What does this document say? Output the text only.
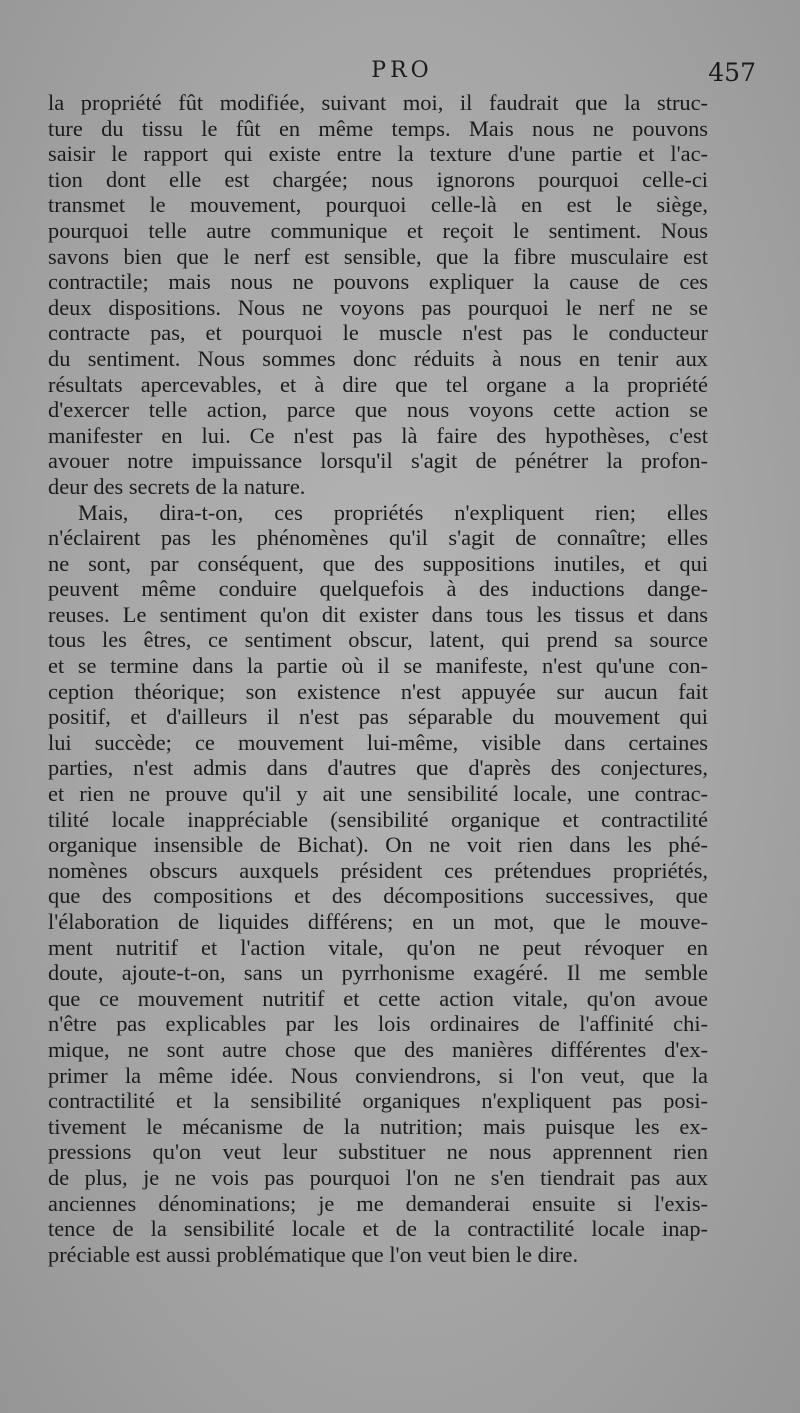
PRO	457
la propriété fût modifiée, suivant moi, il faudrait que la struc-
ture du tissu le fût en même temps. Mais nous ne pouvons
saisir le rapport qui existe entre la texture d'une partie et l'ac-
tion dont elle est chargée; nous ignorons pourquoi celle-ci
transmet le mouvement, pourquoi celle-là en est le siège,
pourquoi telle autre communique et reçoit le sentiment. Nous
savons bien que le nerf est sensible, que la fibre musculaire est
contractile; mais nous ne pouvons expliquer la cause de ces
deux dispositions. Nous ne voyons pas pourquoi le nerf ne se
contracte pas, et pourquoi le muscle n'est pas le conducteur
du sentiment. Nous sommes donc réduits à nous en tenir aux
résultats apercevables, et à dire que tel organe a la propriété
d'exercer telle action, parce que nous voyons cette action se
manifester en lui. Ce n'est pas là faire des hypothèses, c'est
avouer notre impuissance lorsqu'il s'agit de pénétrer la profon-
deur des secrets de la nature.
Mais, dira-t-on, ces propriétés n'expliquent rien; elles
n'éclairent pas les phénomènes qu'il s'agit de connaître; elles
ne sont, par conséquent, que des suppositions inutiles, et qui
peuvent même conduire quelquefois à des inductions dange-
reuses. Le sentiment qu'on dit exister dans tous les tissus et dans
tous les êtres, ce sentiment obscur, latent, qui prend sa source
et se termine dans la partie où il se manifeste, n'est qu'une con-
ception théorique; son existence n'est appuyée sur aucun fait
positif, et d'ailleurs il n'est pas séparable du mouvement qui
lui succède; ce mouvement lui-même, visible dans certaines
parties, n'est admis dans d'autres que d'après des conjectures,
et rien ne prouve qu'il y ait une sensibilité locale, une contrac-
tilité locale inappréciable (sensibilité organique et contractilité
organique insensible de Bichat). On ne voit rien dans les phé-
nomènes obscurs auxquels président ces prétendues propriétés,
que des compositions et des décompositions successives, que
l'élaboration de liquides différens; en un mot, que le mouve-
ment nutritif et l'action vitale, qu'on ne peut révoquer en
doute, ajoute-t-on, sans un pyrrhonisme exagéré. Il me semble
que ce mouvement nutritif et cette action vitale, qu'on avoue
n'être pas explicables par les lois ordinaires de l'affinité chi-
mique, ne sont autre chose que des manières différentes d'ex-
primer la même idée. Nous conviendrons, si l'on veut, que la
contractilité et la sensibilité organiques n'expliquent pas posi-
tivement le mécanisme de la nutrition; mais puisque les ex-
pressions qu'on veut leur substituer ne nous apprennent rien
de plus, je ne vois pas pourquoi l'on ne s'en tiendrait pas aux
anciennes dénominations; je me demanderai ensuite si l'exis-
tence de la sensibilité locale et de la contractilité locale inap-
préciable est aussi problématique que l'on veut bien le dire.
